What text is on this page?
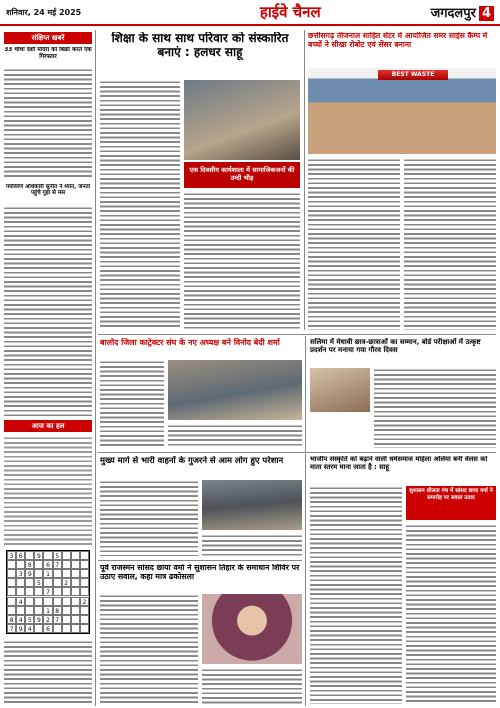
शनिवार, 24 मई 2025	हाईवे चैनल	जगदलपुर 4
संक्षिप्त खबरें
33 चौथा देशी मदिरा की बिक्री करते एक गिरफ्तार
पर्यावरण अधिकारी सुनीत ने ध्यान, जनता पहुंचे गुहा से मस
आज का हल
3 6	9	5
8	6 7
3 9	1
5	2
7
4	2
1 8
8 4 5 9 2 7
7 9 4	6
शिक्षा के साथ साथ परिवार को संस्कारित बनाएं : हलधर साहू
एक दिवसीय कार्यशाला में सामाजिकजनों की उम्दी भीड़
छत्तीसगढ़ तीजनाल साहित सेंटर में आयोजित समर साइंस कैम्प में बच्चों ने सीखा रोबोट एवं सेंसर बनाना
BEST WASTE
बालोद जिला काट्रेक्टर संघ के नए अध्यक्ष बने विनोद बेदी शर्मा	सलिमा में मेधावी छात्र-छात्राओं का सम्मान, बोर्ड परीक्षाओं में उत्कृष्ट प्रदर्शन पर मनाया गया गौरव दिवस
मुख्य मार्ग से भारी वाहनों के गुजरने से आम लोग हुए परेशान	भाजीप संस्कृति को बढ़ाने वाली धर्मसमाज महिला अलिया बनी वेलस को माता स्तरम माना जाता है : साहू
सुशासन शीलता मंच में सांसद छाया वर्मा ने समारोह पर सवाल उठाए
पूर्व राजस्मन सांसद छाया वर्मा ने सुशासन तिहार के समाधान शिविर पर उठाए सवाल, कहा मात्र ढकोसला
